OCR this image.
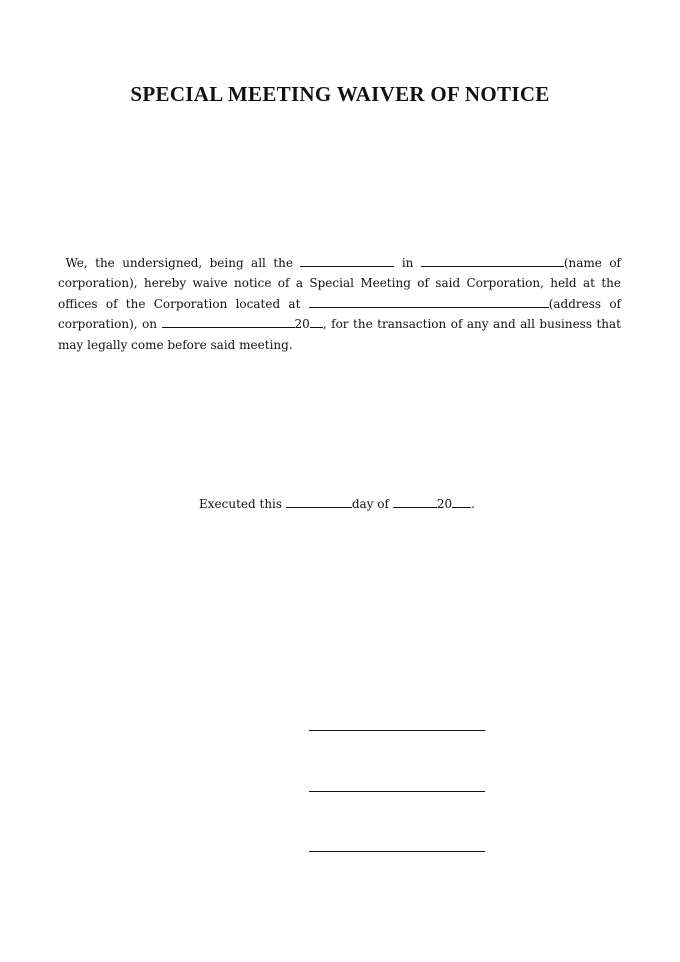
SPECIAL MEETING WAIVER OF NOTICE

We, the undersigned, being all the	in	(name of corporation), hereby waive notice of a Special Meeting of said Corporation, held at the offices of the Corporation located at	(address of corporation), on	20 , for the transaction of any and all business that may legally come before said meeting.

Executed this	day of	20 .
